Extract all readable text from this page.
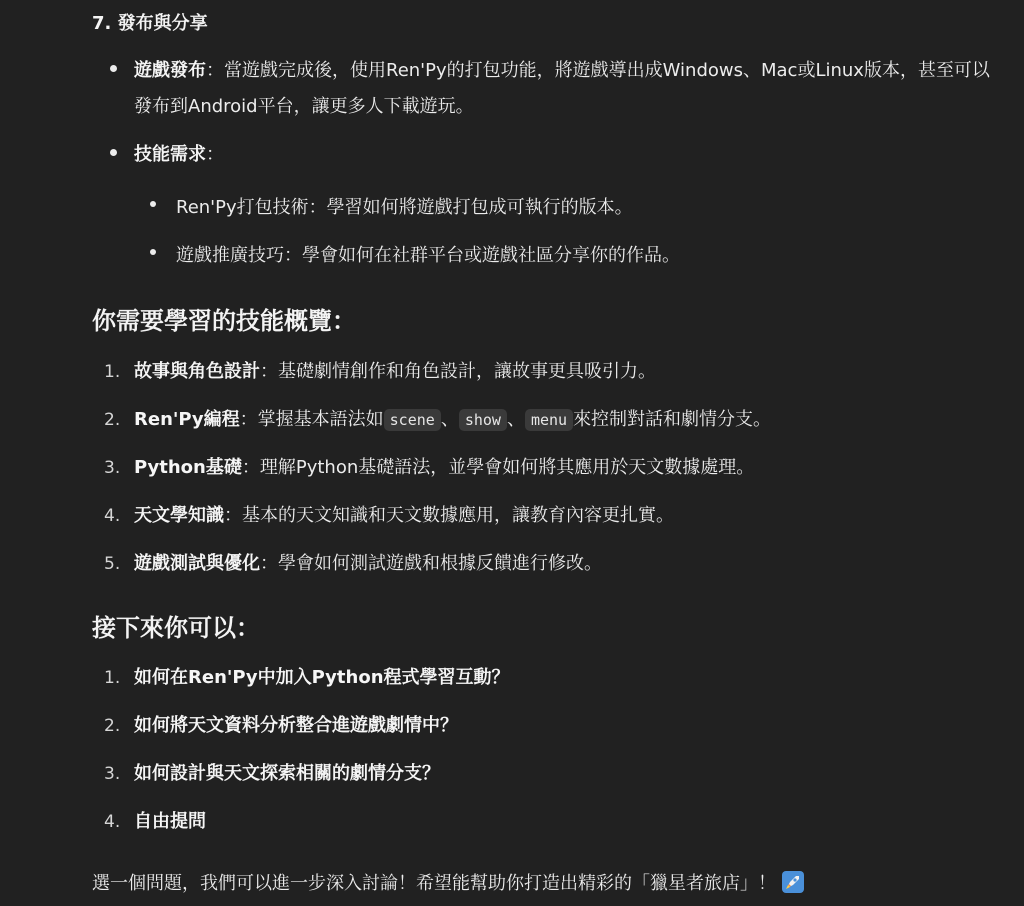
7. 發布與分享
遊戲發布：當遊戲完成後，使用Ren'Py的打包功能，將遊戲導出成Windows、Mac或Linux版本，甚至可以發布到Android平台，讓更多人下載遊玩。
技能需求：
Ren'Py打包技術：學習如何將遊戲打包成可執行的版本。
遊戲推廣技巧：學會如何在社群平台或遊戲社區分享你的作品。
你需要學習的技能概覽：
1. 故事與角色設計：基礎劇情創作和角色設計，讓故事更具吸引力。
2. Ren'Py編程：掌握基本語法如 scene 、 show 、 menu 來控制對話和劇情分支。
3. Python基礎：理解Python基礎語法，並學會如何將其應用於天文數據處理。
4. 天文學知識：基本的天文知識和天文數據應用，讓教育內容更扎實。
5. 遊戲測試與優化：學會如何測試遊戲和根據反饋進行修改。
接下來你可以：
1. 如何在Ren'Py中加入Python程式學習互動？
2. 如何將天文資料分析整合進遊戲劇情中？
3. 如何設計與天文探索相關的劇情分支？
4. 自由提問

選一個問題，我們可以進一步深入討論！希望能幫助你打造出精彩的「獵星者旅店」！
